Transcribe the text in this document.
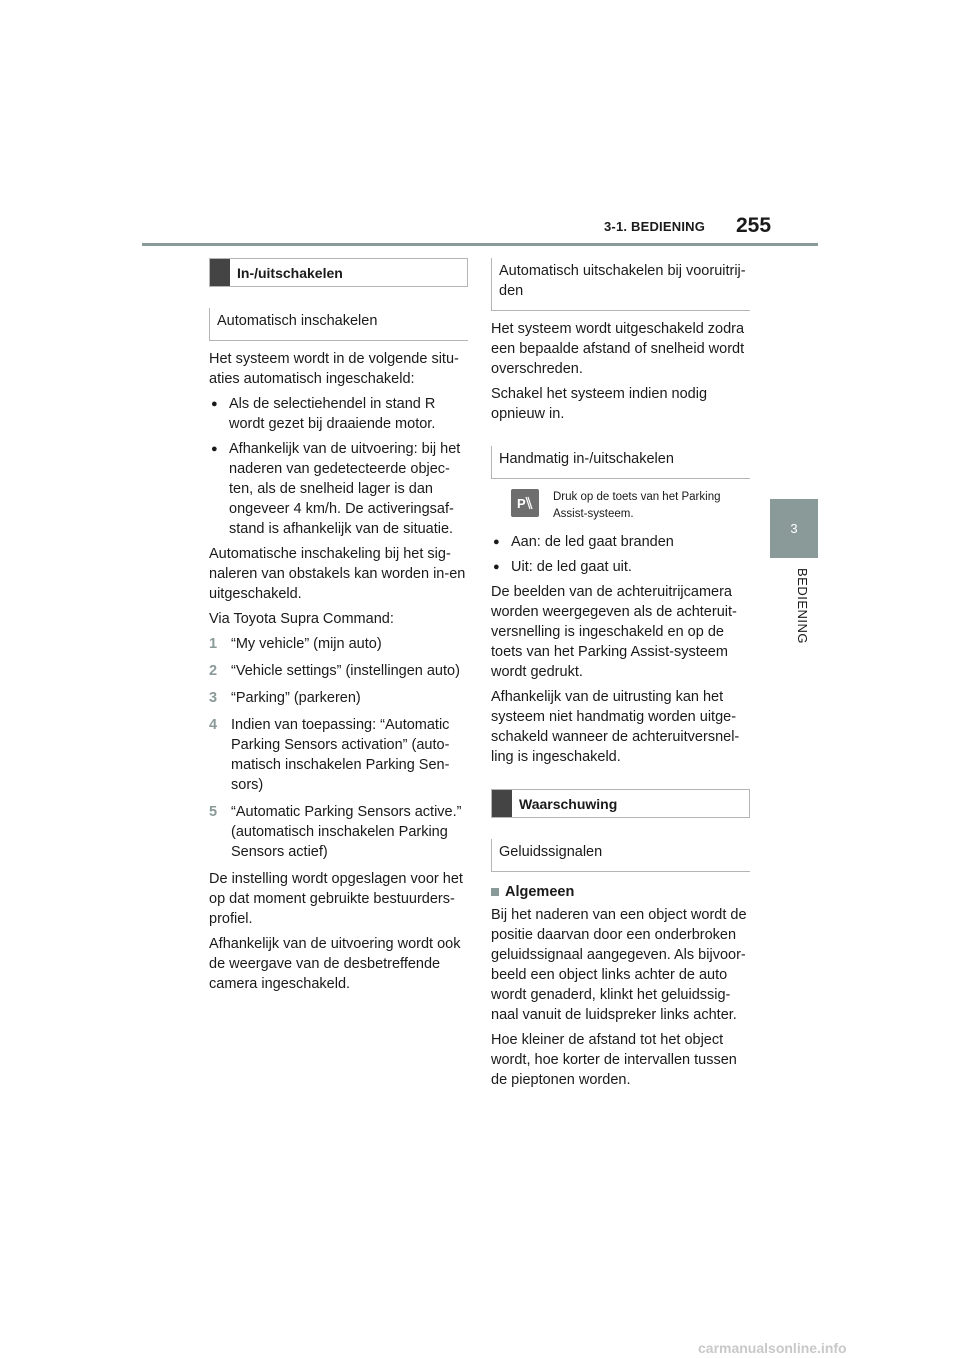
3-1. BEDIENING 255
3
BEDIENING
In-/uitschakelen
Automatisch inschakelen

Het systeem wordt in de volgende situ-aties automatisch ingeschakeld:

● Als de selectiehendel in stand R wordt gezet bij draaiende motor.
● Afhankelijk van de uitvoering: bij het naderen van gedetecteerde objec-ten, als de snelheid lager is dan ongeveer 4 km/h. De activeringsaf-stand is afhankelijk van de situatie.

Automatische inschakeling bij het sig-naleren van obstakels kan worden in-en uitgeschakeld.

Via Toyota Supra Command:

1 “My vehicle” (mijn auto)
2 “Vehicle settings” (instellingen auto)
3 “Parking” (parkeren)
4 Indien van toepassing: “Automatic Parking Sensors activation” (auto-matisch inschakelen Parking Sen-sors)
5 “Automatic Parking Sensors active.” (automatisch inschakelen Parking Sensors actief)

De instelling wordt opgeslagen voor het op dat moment gebruikte bestuurders-profiel.

Afhankelijk van de uitvoering wordt ook de weergave van de desbetreffende camera ingeschakeld.

Automatisch uitschakelen bij vooruitrij-den

Het systeem wordt uitgeschakeld zodra een bepaalde afstand of snelheid wordt overschreden.

Schakel het systeem indien nodig opnieuw in.

Handmatig in-/uitschakelen
P Druk op de toets van het Parking Assist-systeem.
● Aan: de led gaat branden
● Uit: de led gaat uit.

De beelden van de achteruitrijcamera worden weergegeven als de achteruit-versnelling is ingeschakeld en op de toets van het Parking Assist-systeem wordt gedrukt.

Afhankelijk van de uitrusting kan het systeem niet handmatig worden uitge-schakeld wanneer de achteruitversnel-ling is ingeschakeld.

Waarschuwing
Geluidssignalen
Algemeen

Bij het naderen van een object wordt de positie daarvan door een onderbroken geluidssignaal aangegeven. Als bijvoor-beeld een object links achter de auto wordt genaderd, klinkt het geluidssig-naal vanuit de luidspreker links achter.

Hoe kleiner de afstand tot het object wordt, hoe korter de intervallen tussen de pieptonen worden.

carmanualsonline.info
